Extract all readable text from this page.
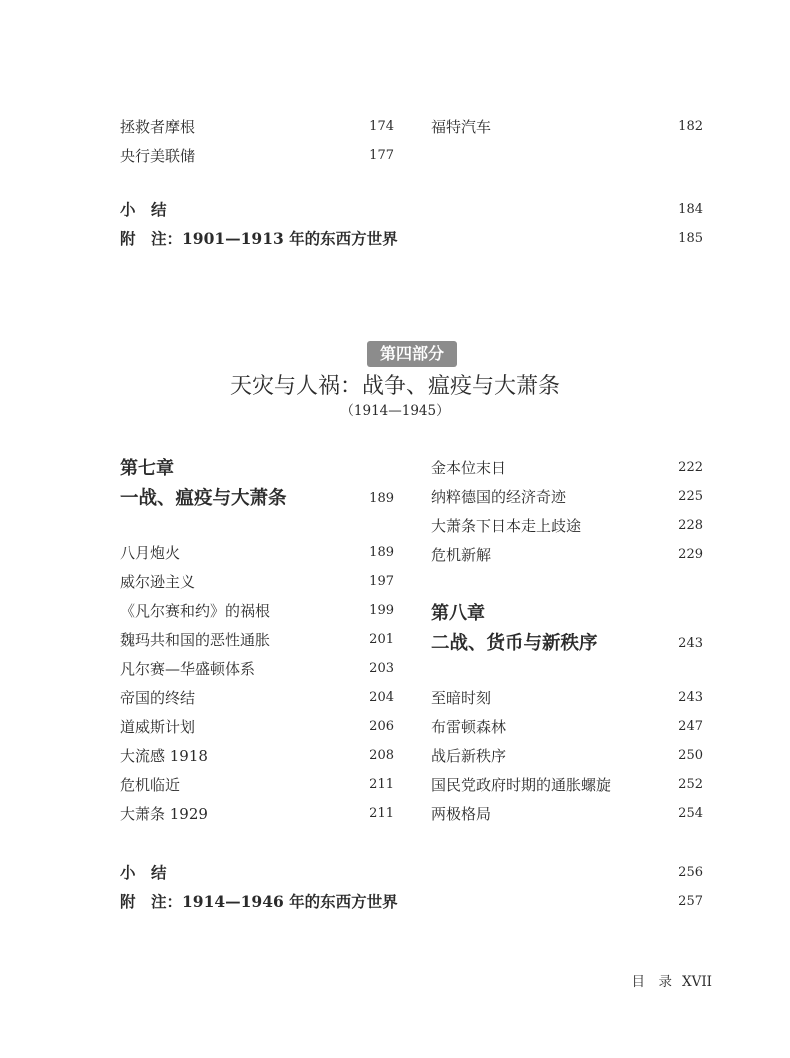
拯救者摩根	174
央行美联储	177
福特汽车	182
小　结	184
附　注：1901—1913 年的东西方世界	185
第四部分
天灾与人祸：战争、瘟疫与大萧条
（1914—1945）
第七章
一战、瘟疫与大萧条	189
八月炮火	189
威尔逊主义	197
《凡尔赛和约》的祸根	199
魏玛共和国的恶性通胀	201
凡尔赛—华盛顿体系	203
帝国的终结	204
道威斯计划	206
大流感 1918	208
危机临近	211
大萧条 1929	211
金本位末日	222
纳粹德国的经济奇迹	225
大萧条下日本走上歧途	228
危机新解	229
第八章
二战、货币与新秩序	243
至暗时刻	243
布雷顿森林	247
战后新秩序	250
国民党政府时期的通胀螺旋	252
两极格局	254
小　结	256
附　注：1914—1946 年的东西方世界	257
目　录 XVII
